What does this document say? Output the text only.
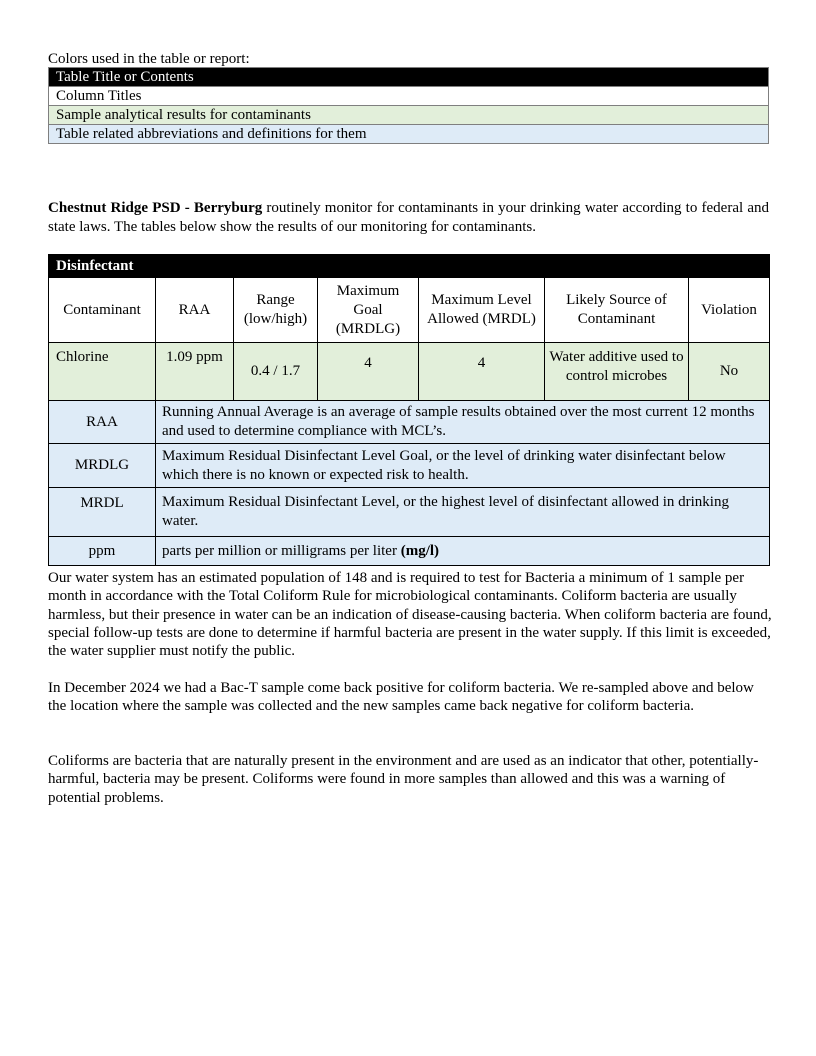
Colors used in the table or report:
Table Title or Contents
Column Titles
Sample analytical results for contaminants
Table related abbreviations and definitions for them
Chestnut Ridge PSD - Berryburg routinely monitor for contaminants in your drinking water according to federal and state laws. The tables below show the results of our monitoring for contaminants.
Disinfectant						
Contaminant	RAA	Range (low/high)	Maximum Goal (MRDLG)	Maximum Level Allowed (MRDL)	Likely Source of Contaminant	Violation
Chlorine	1.09 ppm	0.4 / 1.7	4	4	Water additive used to control microbes	No
RAA	Running Annual Average is an average of sample results obtained over the most current 12 months and used to determine compliance with MCL’s.					
MRDLG	Maximum Residual Disinfectant Level Goal, or the level of drinking water disinfectant below which there is no known or expected risk to health.					
MRDL	Maximum Residual Disinfectant Level, or the highest level of disinfectant allowed in drinking water.					
ppm	parts per million or milligrams per liter (mg/l)					
Our water system has an estimated population of 148 and is required to test for Bacteria a minimum of 1 sample per month in accordance with the Total Coliform Rule for microbiological contaminants. Coliform bacteria are usually harmless, but their presence in water can be an indication of disease-causing bacteria. When coliform bacteria are found, special follow-up tests are done to determine if harmful bacteria are present in the water supply. If this limit is exceeded, the water supplier must notify the public.
In December 2024 we had a Bac-T sample come back positive for coliform bacteria. We re-sampled above and below the location where the sample was collected and the new samples came back negative for coliform bacteria.
Coliforms are bacteria that are naturally present in the environment and are used as an indicator that other, potentially-harmful, bacteria may be present. Coliforms were found in more samples than allowed and this was a warning of potential problems.
